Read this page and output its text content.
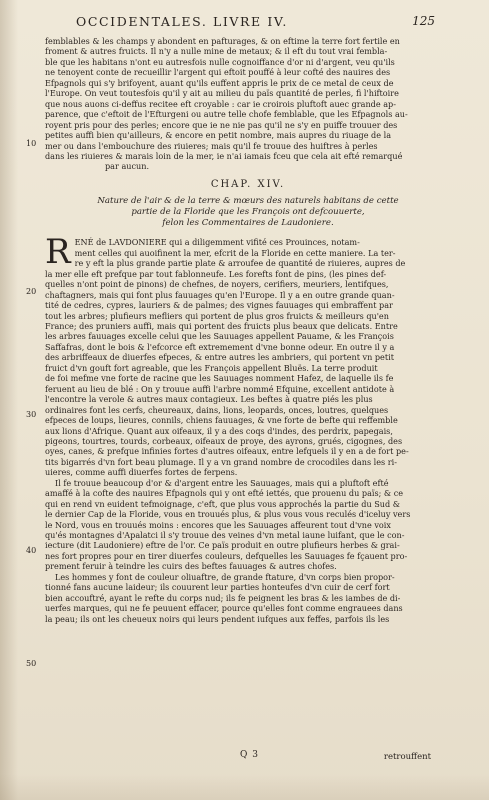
OCCIDENTALES. LIVRE IV.	125
10
20
30
40
50
femblables & les champs y abondent en pafturages, & on eftime la terre fort fertile en
froment & autres fruicts. Il n'y a nulle mine de metaux; & il eft du tout vrai fembla-
ble que les habitans n'ont eu autresfois nulle cognoiffance d'or ni d'argent, veu qu'ils
ne tenoyent conte de recueillir l'argent qui eftoit pouffé à leur cofté des nauires des
Efpagnols qui s'y brifoyent, auant qu'ils euffent appris le prix de ce metal de ceux de
l'Europe. On veut toutesfois qu'il y ait au milieu du païs quantité de perles, fi l'hiftoire
que nous auons ci-deffus recitee eft croyable : car ie croirois pluftoft auec grande ap-
parence, que c'eftoit de l'Efturgeni ou autre telle chofe femblable, que les Efpagnols au-
royent pris pour des perles; encore que ie ne nie pas qu'il ne s'y en puiffe trouuer des
petites auffi bien qu'ailleurs, & encore en petit nombre, mais aupres du riuage de la
mer ou dans l'embouchure des riuieres; mais qu'il fe trouue des huiftres à perles
dans les riuieres & marais loin de la mer, ie n'ai iamais fceu que cela ait efté remarqué
par aucun.
CHAP. XIV.
Nature de l'air & de la terre & mœurs des naturels habitans de cette
partie de la Floride que les François ont defcouuerte,
felon les Commentaires de Laudoniere.
R ENÉ de LAVDONIERE qui a diligemment vifité ces Prouinces, notam-
ment celles qui auoifinent la mer, efcrit de la Floride en cette maniere. La ter-
re y eft la plus grande partie plate & arroufee de quantité de riuieres, aupres de
la mer elle eft prefque par tout fablonneufe. Les forefts font de pins, (les pines def-
quelles n'ont point de pinons) de chefnes, de noyers, cerifiers, meuriers, lentifques,
chaftagners, mais qui font plus fauuages qu'en l'Europe. Il y a en outre grande quan-
tité de cedres, cypres, lauriers & de palmes; des vignes fauuages qui embraffent par
tout les arbres; plufieurs mefliers qui portent de plus gros fruicts & meilleurs qu'en
France; des pruniers auffi, mais qui portent des fruicts plus beaux que delicats. Entre
les arbres fauuages excelle celui que les Sauuages appellent Pauame, & les François
Saffafras, dont le bois & l'efcorce eft extremement d'vne bonne odeur. En outre il y a
des arbriffeaux de diuerfes efpeces, & entre autres les ambriers, qui portent vn petit
fruict d'vn gouft fort agreable, que les François appellent Bluës. La terre produit
de foi mefme vne forte de racine que les Sauuages nomment Hafez, de laquelle ils fe
feruent au lieu de blé : On y trouue auffi l'arbre nommé Efquine, excellent antidote à
l'encontre la verole & autres maux contagieux. Les beftes à quatre piés les plus
ordinaires font les cerfs, cheureaux, dains, lions, leopards, onces, loutres, quelques
efpeces de loups, lieures, connils, chiens fauuages, & vne forte de befte qui reffemble
aux lions d'Afrique. Quant aux oifeaux, il y a des coqs d'indes, des perdrix, papegais,
pigeons, tourtres, tourds, corbeaux, oifeaux de proye, des ayrons, grués, cigognes, des
oyes, canes, & prefque infinies fortes d'autres oifeaux, entre lefquels il y en a de fort pe-
tits bigarrés d'vn fort beau plumage. Il y a vn grand nombre de crocodiles dans les ri-
uieres, comme auffi diuerfes fortes de ferpens.
Il fe trouue beaucoup d'or & d'argent entre les Sauuages, mais qui a pluftoft efté
amaffé à la cofte des nauires Efpagnols qui y ont efté iettés, que prouenu du païs; & ce
qui en rend vn euident tefmoignage, c'eft, que plus vous approchés la partie du Sud &
le dernier Cap de la Floride, vous en trouués plus, & plus vous vous reculés d'iceluy vers
le Nord, vous en trouués moins : encores que les Sauuages affeurent tout d'vne voix
qu'és montagnes d'Apalatci il s'y trouue des veines d'vn metal iaune luifant, que le con-
iecture (dit Laudoniere) eftre de l'or. Ce païs produit en outre plufieurs herbes & grai-
nes fort propres pour en tirer diuerfes couleurs, defquelles les Sauuages fe fçauent pro-
prement feruir à teindre les cuirs des beftes fauuages & autres chofes.
Les hommes y font de couleur oliuaftre, de grande ftature, d'vn corps bien propor-
tionné fans aucune laideur; ils couurent leur parties honteufes d'vn cuir de cerf fort
bien accouftré, ayant le refte du corps nud; ils fe peignent les bras & les iambes de di-
uerfes marques, qui ne fe peuuent effacer, pource qu'elles font comme engrauees dans
la peau; ils ont les cheueux noirs qui leurs pendent iufques aux feffes, parfois ils les
Q 3	retrouffent
